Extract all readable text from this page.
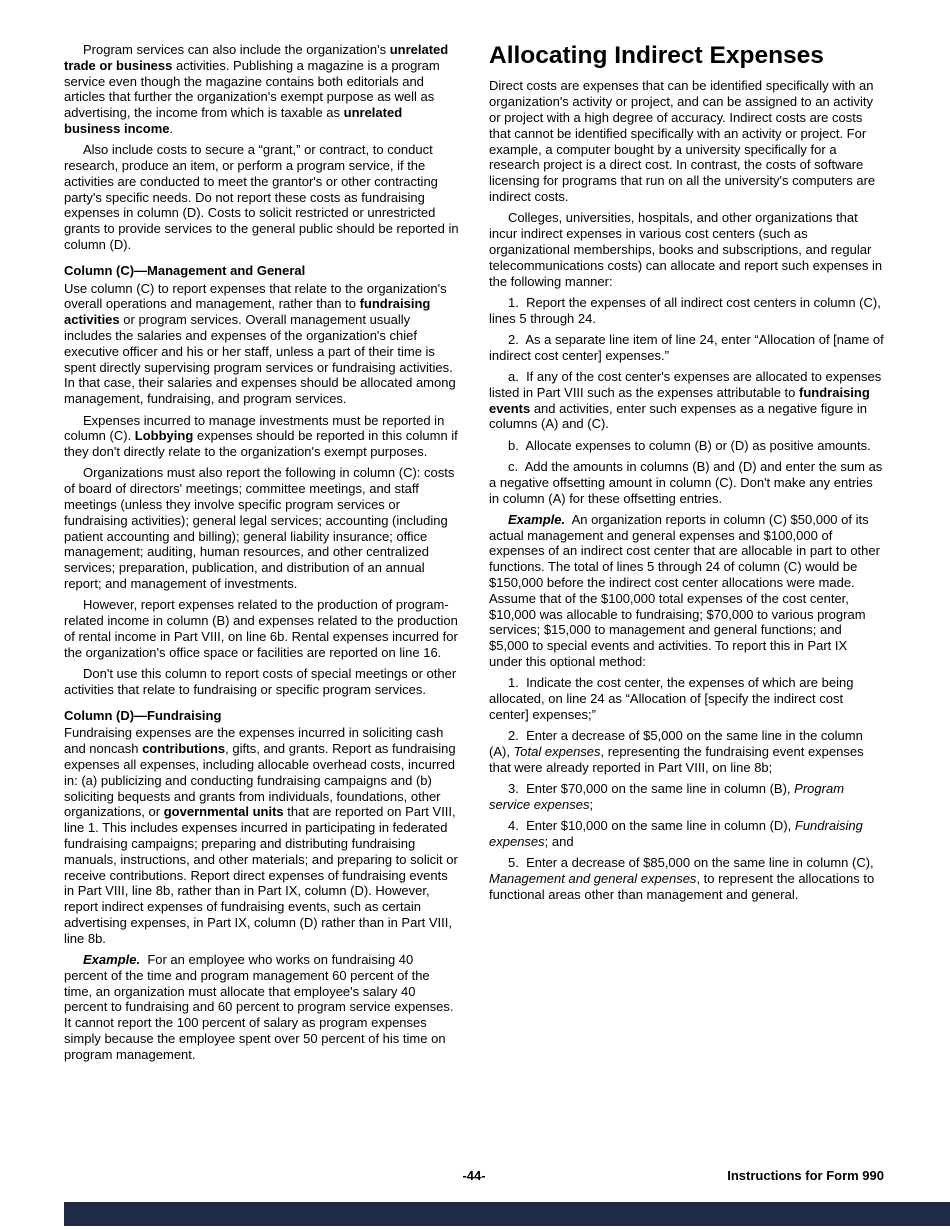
Program services can also include the organization's unrelated trade or business activities. Publishing a magazine is a program service even though the magazine contains both editorials and articles that further the organization's exempt purpose as well as advertising, the income from which is taxable as unrelated business income.

Also include costs to secure a “grant,” or contract, to conduct research, produce an item, or perform a program service, if the activities are conducted to meet the grantor's or other contracting party's specific needs. Do not report these costs as fundraising expenses in column (D). Costs to solicit restricted or unrestricted grants to provide services to the general public should be reported in column (D).

Column (C)—Management and General

Use column (C) to report expenses that relate to the organization's overall operations and management, rather than to fundraising activities or program services. Overall management usually includes the salaries and expenses of the organization's chief executive officer and his or her staff, unless a part of their time is spent directly supervising program services or fundraising activities. In that case, their salaries and expenses should be allocated among management, fundraising, and program services.

Expenses incurred to manage investments must be reported in column (C). Lobbying expenses should be reported in this column if they don't directly relate to the organization's exempt purposes.

Organizations must also report the following in column (C): costs of board of directors' meetings; committee meetings, and staff meetings (unless they involve specific program services or fundraising activities); general legal services; accounting (including patient accounting and billing); general liability insurance; office management; auditing, human resources, and other centralized services; preparation, publication, and distribution of an annual report; and management of investments.

However, report expenses related to the production of program-related income in column (B) and expenses related to the production of rental income in Part VIII, on line 6b. Rental expenses incurred for the organization's office space or facilities are reported on line 16.

Don't use this column to report costs of special meetings or other activities that relate to fundraising or specific program services.

Column (D)—Fundraising

Fundraising expenses are the expenses incurred in soliciting cash and noncash contributions, gifts, and grants. Report as fundraising expenses all expenses, including allocable overhead costs, incurred in: (a) publicizing and conducting fundraising campaigns and (b) soliciting bequests and grants from individuals, foundations, other organizations, or governmental units that are reported on Part VIII, line 1. This includes expenses incurred in participating in federated fundraising campaigns; preparing and distributing fundraising manuals, instructions, and other materials; and preparing to solicit or receive contributions. Report direct expenses of fundraising events in Part VIII, line 8b, rather than in Part IX, column (D). However, report indirect expenses of fundraising events, such as certain advertising expenses, in Part IX, column (D) rather than in Part VIII, line 8b.

Example.  For an employee who works on fundraising 40 percent of the time and program management 60 percent of the time, an organization must allocate that employee's salary 40 percent to fundraising and 60 percent to program service expenses. It cannot report the 100 percent of salary as program expenses simply because the employee spent over 50 percent of his time on program management.

Allocating Indirect Expenses

Direct costs are expenses that can be identified specifically with an organization's activity or project, and can be assigned to an activity or project with a high degree of accuracy. Indirect costs are costs that cannot be identified specifically with an activity or project. For example, a computer bought by a university specifically for a research project is a direct cost. In contrast, the costs of software licensing for programs that run on all the university's computers are indirect costs.

Colleges, universities, hospitals, and other organizations that incur indirect expenses in various cost centers (such as organizational memberships, books and subscriptions, and regular telecommunications costs) can allocate and report such expenses in the following manner:

1.  Report the expenses of all indirect cost centers in column (C), lines 5 through 24.

2.  As a separate line item of line 24, enter “Allocation of [name of indirect cost center] expenses.”

a.  If any of the cost center's expenses are allocated to expenses listed in Part VIII such as the expenses attributable to fundraising events and activities, enter such expenses as a negative figure in columns (A) and (C).

b.  Allocate expenses to column (B) or (D) as positive amounts.

c.  Add the amounts in columns (B) and (D) and enter the sum as a negative offsetting amount in column (C). Don't make any entries in column (A) for these offsetting entries.

Example.  An organization reports in column (C) $50,000 of its actual management and general expenses and $100,000 of expenses of an indirect cost center that are allocable in part to other functions. The total of lines 5 through 24 of column (C) would be $150,000 before the indirect cost center allocations were made. Assume that of the $100,000 total expenses of the cost center, $10,000 was allocable to fundraising; $70,000 to various program services; $15,000 to management and general functions; and $5,000 to special events and activities. To report this in Part IX under this optional method:

1.  Indicate the cost center, the expenses of which are being allocated, on line 24 as “Allocation of [specify the indirect cost center] expenses;”

2.  Enter a decrease of $5,000 on the same line in the column (A), Total expenses, representing the fundraising event expenses that were already reported in Part VIII, on line 8b;

3.  Enter $70,000 on the same line in column (B), Program service expenses;

4.  Enter $10,000 on the same line in column (D), Fundraising expenses; and

5.  Enter a decrease of $85,000 on the same line in column (C), Management and general expenses, to represent the allocations to functional areas other than management and general.

-44-	Instructions for Form 990
